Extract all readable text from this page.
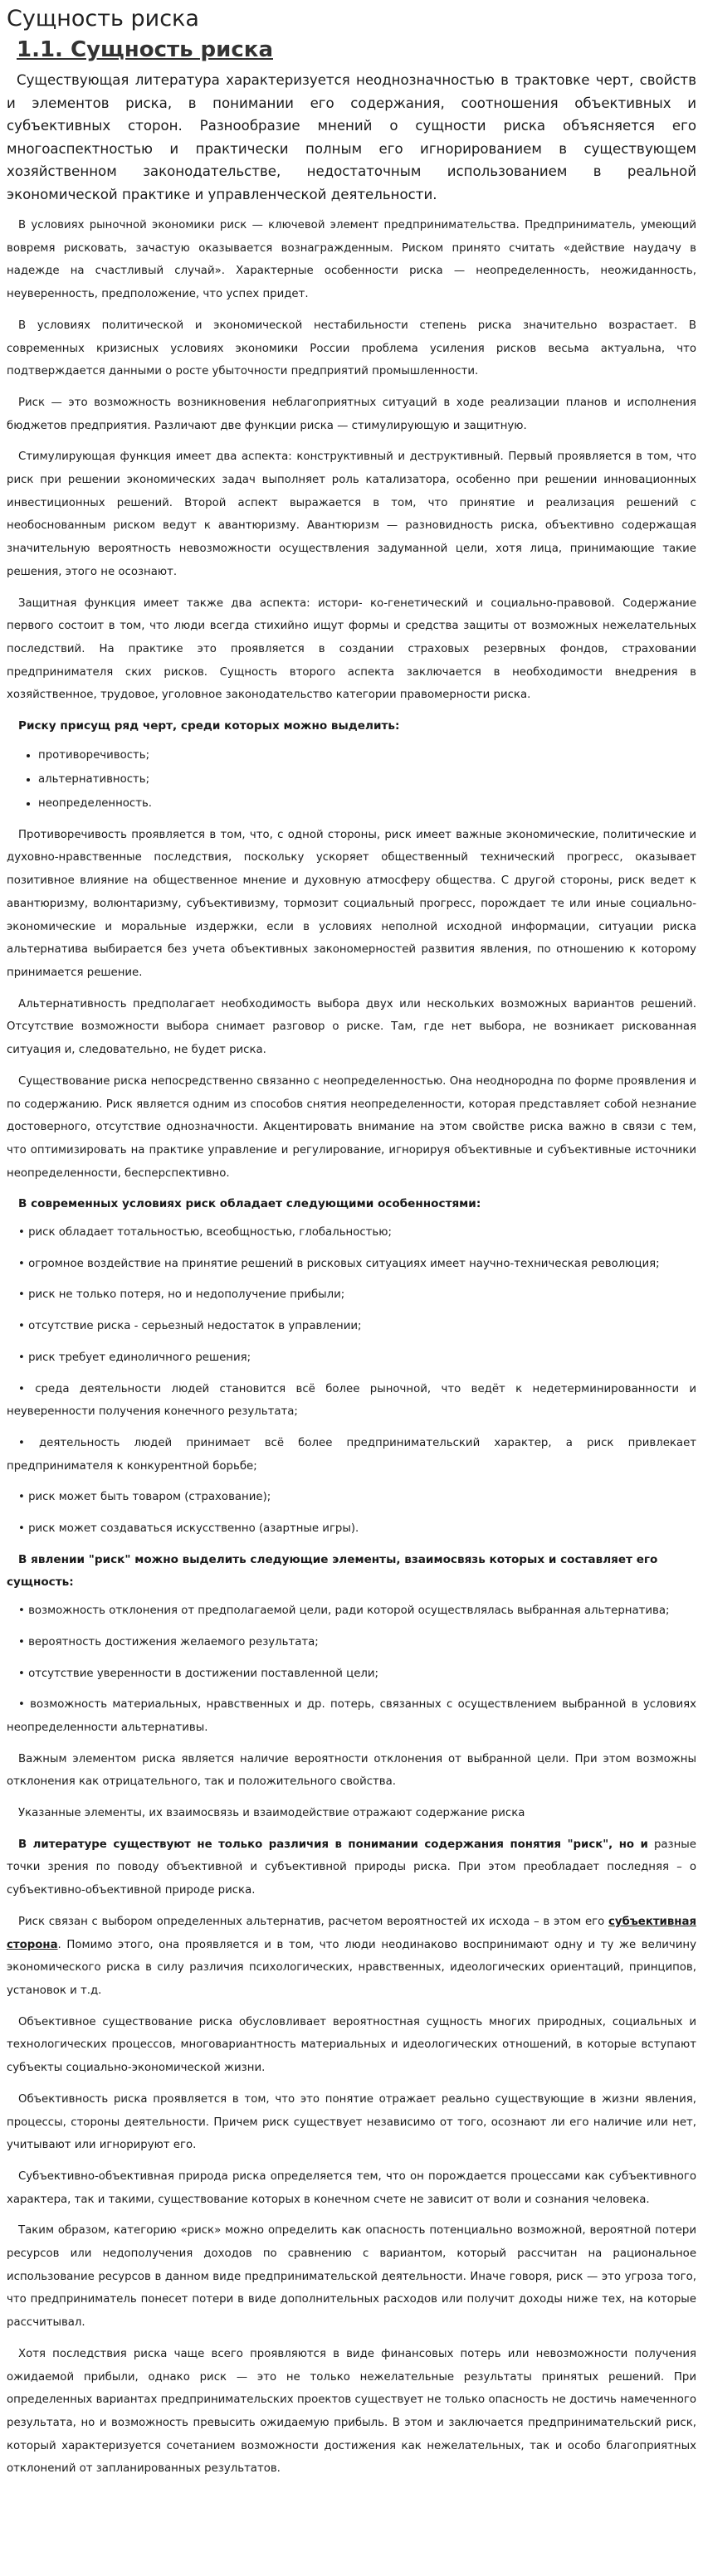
Сущность риска
1.1. Сущность риска

Существующая литература характеризуется неоднозначностью в трактовке черт, свойств и элементов риска, в понимании его содержания, соотношения объективных и субъективных сторон. Разнообразие мнений о сущности риска объясняется его многоаспектностью и практически полным его игнорированием в существующем хозяйственном законодательстве, недостаточным использованием в реальной экономической практике и управленческой деятельности.

В условиях рыночной экономики риск — ключевой элемент предпринимательства. Предприниматель, умеющий вовремя рисковать, зачастую оказывается вознагражденным. Риском принято считать «действие наудачу в надежде на счастливый случай». Характерные особенности риска — неопределенность, неожиданность, неуверенность, предположение, что успех придет.

В условиях политической и экономической нестабильности степень риска значительно возрастает. В современных кризисных условиях экономики России проблема усиления рисков весьма актуальна, что подтверждается данными о росте убыточности предприятий промышленности.

Риск — это возможность возникновения неблагоприятных ситуаций в ходе реализации планов и исполнения бюджетов предприятия. Различают две функции риска — стимулирующую и защитную.

Стимулирующая функция имеет два аспекта: конструктивный и деструктивный. Первый проявляется в том, что риск при решении экономических задач выполняет роль катализатора, особенно при решении инновационных инвестиционных решений. Второй аспект выражается в том, что принятие и реализация решений с необоснованным риском ведут к авантюризму. Авантюризм — разновидность риска, объективно содержащая значительную вероятность невозможности осуществления задуманной цели, хотя лица, принимающие такие решения, этого не осознают.

Защитная функция имеет также два аспекта: истори- ко-генетический и социально-правовой. Содержание первого состоит в том, что люди всегда стихийно ищут формы и средства защиты от возможных нежелательных последствий. На практике это проявляется в создании страховых резервных фондов, страховании предпринимателя ских рисков. Сущность второго аспекта заключается в необходимости внедрения в хозяйственное, трудовое, уголовное законодательство категории правомерности риска.

Риску присущ ряд черт, среди которых можно выделить:

• противоречивость;
• альтернативность;
• неопределенность.

Противоречивость проявляется в том, что, с одной стороны, риск имеет важные экономические, политические и духовно-нравственные последствия, поскольку ускоряет общественный технический прогресс, оказывает позитивное влияние на общественное мнение и духовную атмосферу общества. С другой стороны, риск ведет к авантюризму, волюнтаризму, субъективизму, тормозит социальный прогресс, порождает те или иные социально-экономические и моральные издержки, если в условиях неполной исходной информации, ситуации риска альтернатива выбирается без учета объективных закономерностей развития явления, по отношению к которому принимается решение.

Альтернативность предполагает необходимость выбора двух или нескольких возможных вариантов решений. Отсутствие возможности выбора снимает разговор о риске. Там, где нет выбора, не возникает рискованная ситуация и, следовательно, не будет риска.

Существование риска непосредственно связанно с неопределенностью. Она неоднородна по форме проявления и по содержанию. Риск является одним из способов снятия неопределенности, которая представляет собой незнание достоверного, отсутствие однозначности. Акцентировать внимание на этом свойстве риска важно в связи с тем, что оптимизировать на практике управление и регулирование, игнорируя объективные и субъективные источники неопределенности, бесперспективно.

В современных условиях риск обладает следующими особенностями:

• риск обладает тотальностью, всеобщностью, глобальностью;

• огромное воздействие на принятие решений в рисковых ситуациях имеет научно-техническая революция;

• риск не только потеря, но и недополучение прибыли;

• отсутствие риска - серьезный недостаток в управлении;

• риск требует единоличного решения;

• среда деятельности людей становится всё более рыночной, что ведёт к недетерминированности и неуверенности получения конечного результата;

• деятельность людей принимает всё более предпринимательский характер, а риск привлекает предпринимателя к конкурентной борьбе;

• риск может быть товаром (страхование);

• риск может создаваться искусственно (азартные игры).

В явлении "риск" можно выделить следующие элементы, взаимосвязь которых и составляет его сущность:

• возможность отклонения от предполагаемой цели, ради которой осуществлялась выбранная альтернатива;

• вероятность достижения желаемого результата;

• отсутствие уверенности в достижении поставленной цели;

• возможность материальных, нравственных и др. потерь, связанных с осуществлением выбранной в условиях неопределенности альтернативы.

Важным элементом риска является наличие вероятности отклонения от выбранной цели. При этом возможны отклонения как отрицательного, так и положительного свойства.

Указанные элементы, их взаимосвязь и взаимодействие отражают содержание риска

В литературе существуют не только различия в понимании содержания понятия "риск", но и разные точки зрения по поводу объективной и субъективной природы риска. При этом преобладает последняя – о субъективно-объективной природе риска.

Риск связан с выбором определенных альтернатив, расчетом вероятностей их исхода – в этом его субъективная сторона. Помимо этого, она проявляется и в том, что люди неодинаково воспринимают одну и ту же величину экономического риска в силу различия психологических, нравственных, идеологических ориентаций, принципов, установок и т.д.

Объективное существование риска обусловливает вероятностная сущность многих природных, социальных и технологических процессов, многовариантность материальных и идеологических отношений, в которые вступают субъекты социально-экономической жизни.

Объективность риска проявляется в том, что это понятие отражает реально существующие в жизни явления, процессы, стороны деятельности. Причем риск существует независимо от того, осознают ли его наличие или нет, учитывают или игнорируют его.

Субъективно-объективная природа риска определяется тем, что он порождается процессами как субъективного характера, так и такими, существование которых в конечном счете не зависит от воли и сознания человека.

Таким образом, категорию «риск» можно определить как опасность потенциально возможной, вероятной потери ресурсов или недополучения доходов по сравнению с вариантом, который рассчитан на рациональное использование ресурсов в данном виде предпринимательской деятельности. Иначе говоря, риск — это угроза того, что предприниматель понесет потери в виде дополнительных расходов или получит доходы ниже тех, на которые рассчитывал.

Хотя последствия риска чаще всего проявляются в виде финансовых потерь или невозможности получения ожидаемой прибыли, однако риск — это не только нежелательные результаты принятых решений. При определенных вариантах предпринимательских проектов существует не только опасность не достичь намеченного результата, но и возможность превысить ожидаемую прибыль. В этом и заключается предпринимательский риск, который характеризуется сочетанием возможности достижения как нежелательных, так и особо благоприятных отклонений от запланированных результатов.
